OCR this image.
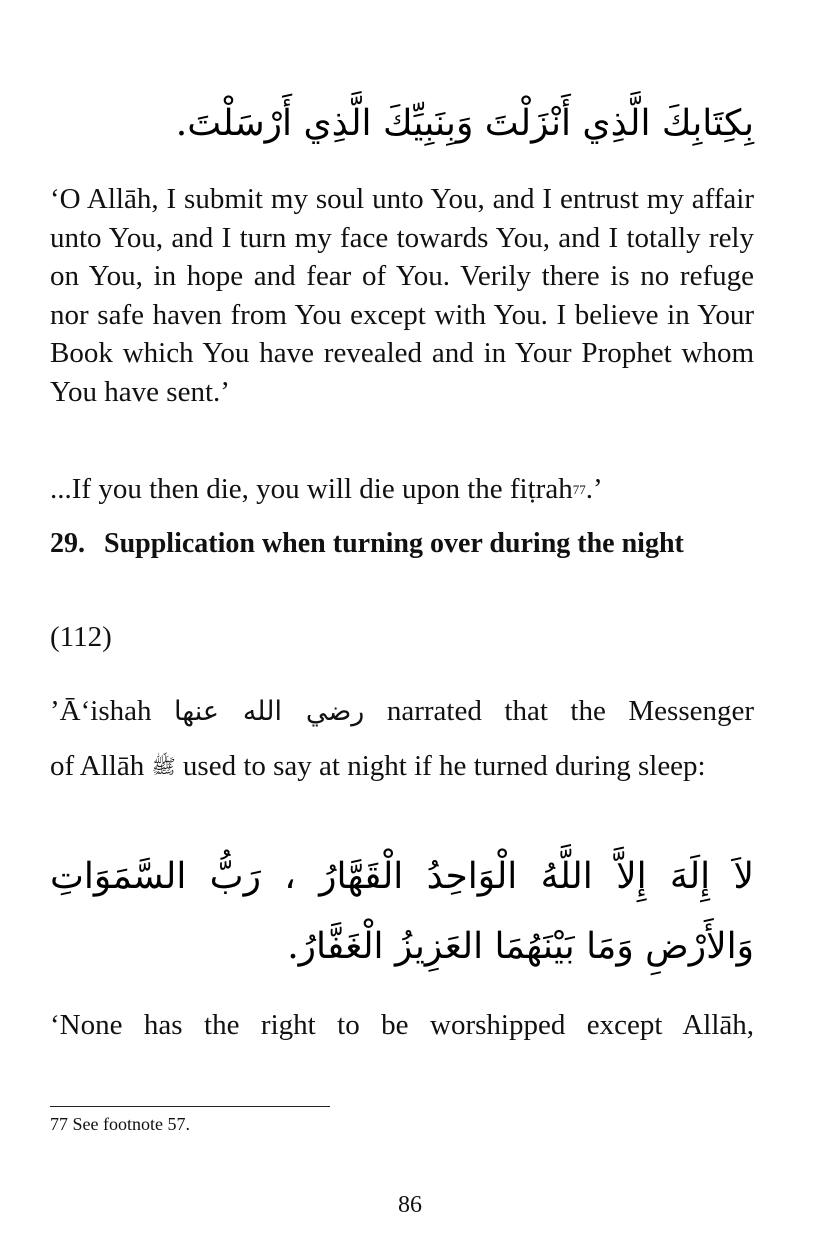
بِكِتَابِكَ الَّذِي أَنْزَلْتَ وَبِنَبِيِّكَ الَّذِي أَرْسَلْتَ.

‘O Allāh, I submit my soul unto You, and I entrust my affair unto You, and I turn my face towards You, and I totally rely on You, in hope and fear of You. Verily there is no refuge nor safe haven from You except with You. I believe in Your Book which You have revealed and in Your Prophet whom You have sent.’

...If you then die, you will die upon the fiṭrah$^{77}$.’

29. Supplication when turning over during the night

(112)

’Ā‘ishah رضي الله عنها narrated that the Messenger

of Allāh ﷺ used to say at night if he turned during sleep:

لاَ إِلَهَ إِلاَّ اللَّهُ الْوَاحِدُ الْقَهَّارُ ، رَبُّ السَّمَوَاتِ وَالأَرْضِ وَمَا بَيْنَهُمَا العَزِيزُ الْغَفَّارُ.

‘None has the right to be worshipped except Allāh,

77 See footnote 57.

86
